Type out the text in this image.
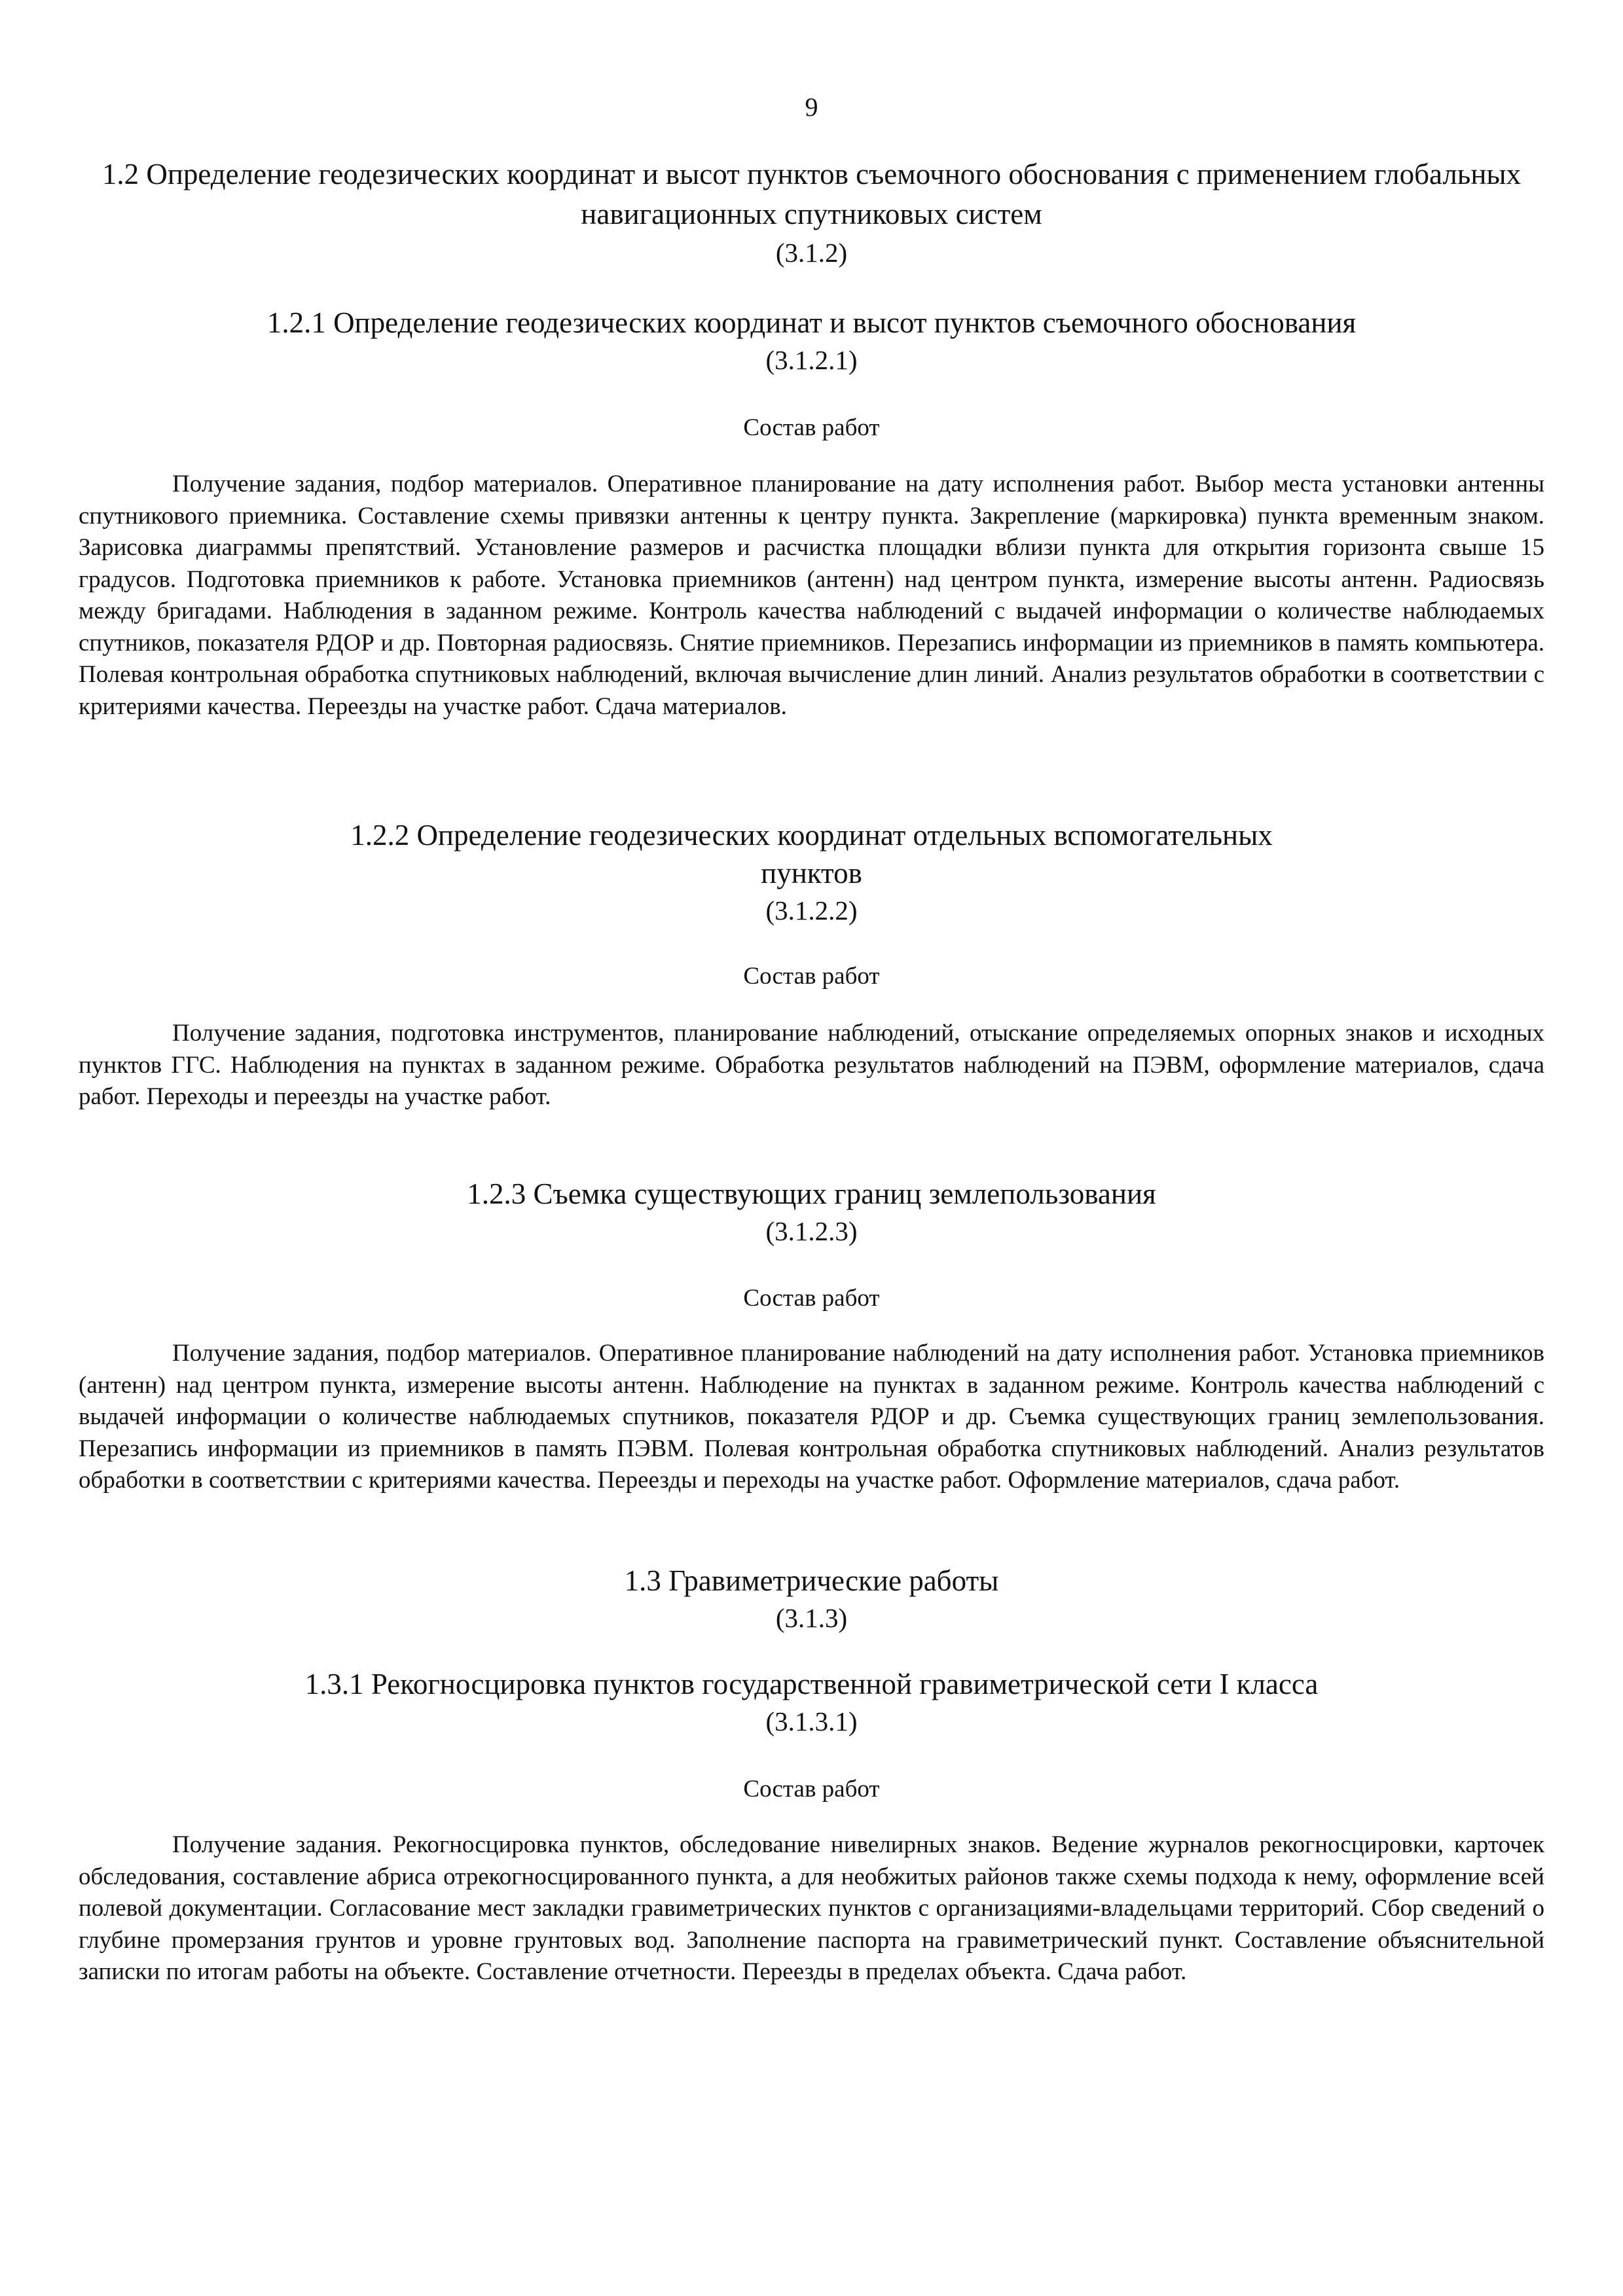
9
1.2 Определение геодезических координат и высот пунктов съемочного обоснования с применением глобальных навигационных спутниковых систем
(3.1.2)
1.2.1 Определение геодезических координат и высот пунктов съемочного обоснования
(3.1.2.1)
Состав работ

Получение задания, подбор материалов. Оперативное планирование на дату исполнения работ. Выбор места установки антенны спутникового приемника. Составление схемы привязки антенны к центру пункта. Закрепление (маркировка) пункта временным знаком. Зарисовка диаграммы препятствий. Установление размеров и расчистка площадки вблизи пункта для открытия горизонта свыше 15 градусов. Подготовка приемников к работе. Установка приемников (антенн) над центром пункта, измерение высоты антенн. Радиосвязь между бригадами. Наблюдения в заданном режиме. Контроль качества наблюдений с выдачей информации о количестве наблюдаемых спутников, показателя РДОР и др. Повторная радиосвязь. Снятие приемников. Перезапись информации из приемников в память компьютера. Полевая контрольная обработка спутниковых наблюдений, включая вычисление длин линий. Анализ результатов обработки в соответствии с критериями качества. Переезды на участке работ. Сдача материалов.

1.2.2 Определение геодезических координат отдельных вспомогательных
пунктов
(3.1.2.2)
Состав работ

Получение задания, подготовка инструментов, планирование наблюдений, отыскание определяемых опорных знаков и исходных пунктов ГГС. Наблюдения на пунктах в заданном режиме. Обработка результатов наблюдений на ПЭВМ, оформление материалов, сдача работ. Переходы и переезды на участке работ.

1.2.3 Съемка существующих границ землепользования
(3.1.2.3)
Состав работ

Получение задания, подбор материалов. Оперативное планирование наблюдений на дату исполнения работ. Установка приемников (антенн) над центром пункта, измерение высоты антенн. Наблюдение на пунктах в заданном режиме. Контроль качества наблюдений с выдачей информации о количестве наблюдаемых спутников, показателя РДОР и др. Съемка существующих границ землепользования. Перезапись информации из приемников в память ПЭВМ. Полевая контрольная обработка спутниковых наблюдений. Анализ результатов обработки в соответствии с критериями качества. Переезды и переходы на участке работ. Оформление материалов, сдача работ.

1.3 Гравиметрические работы
(3.1.3)
1.3.1 Рекогносцировка пунктов государственной гравиметрической сети I класса
(3.1.3.1)
Состав работ

Получение задания. Рекогносцировка пунктов, обследование нивелирных знаков. Ведение журналов рекогносцировки, карточек обследования, составление абриса отрекогносцированного пункта, а для необжитых районов также схемы подхода к нему, оформление всей полевой документации. Согласование мест закладки гравиметрических пунктов с организациями-владельцами территорий. Сбор сведений о глубине промерзания грунтов и уровне грунтовых вод. Заполнение паспорта на гравиметрический пункт. Составление объяснительной записки по итогам работы на объекте. Составление отчетности. Переезды в пределах объекта. Сдача работ.
